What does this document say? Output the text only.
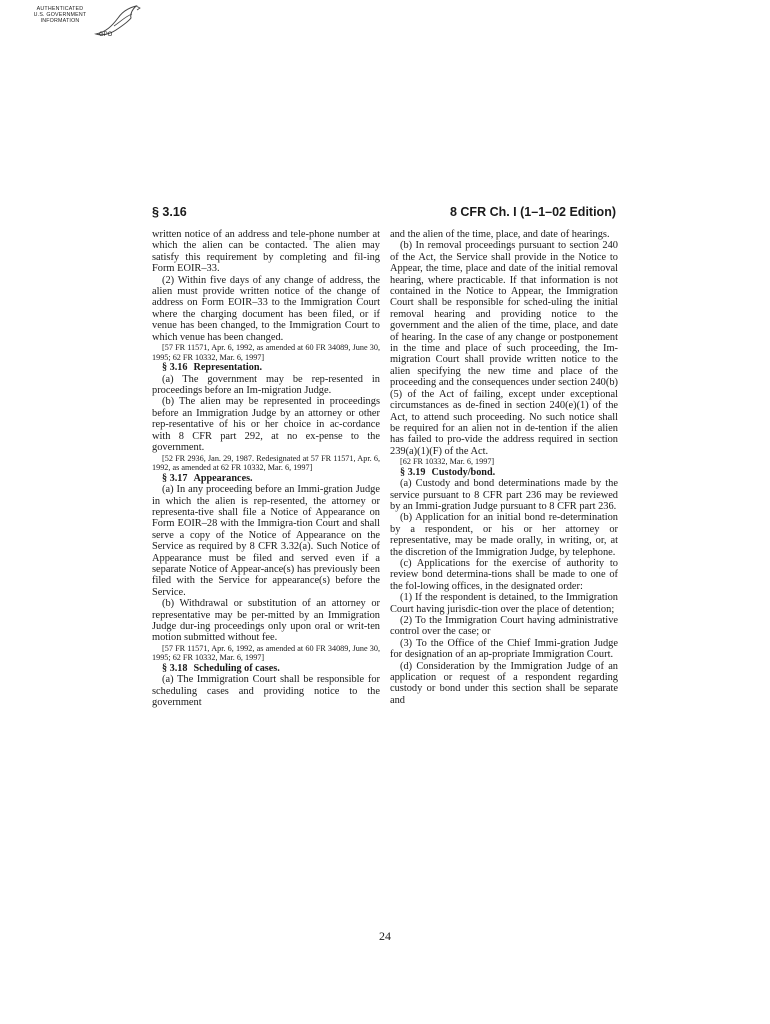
AUTHENTICATED
U.S. GOVERNMENT
INFORMATION
GPO
§ 3.16	8 CFR Ch. I (1–1–02 Edition)

written notice of an address and tele-phone number at which the alien can be contacted. The alien may satisfy this requirement by completing and fil-ing Form EOIR–33.

(2) Within five days of any change of address, the alien must provide written notice of the change of address on Form EOIR–33 to the Immigration Court where the charging document has been filed, or if venue has been changed, to the Immigration Court to which venue has been changed.

[57 FR 11571, Apr. 6, 1992, as amended at 60 FR 34089, June 30, 1995; 62 FR 10332, Mar. 6, 1997]

§ 3.16 Representation.

(a) The government may be rep-resented in proceedings before an Im-migration Judge.

(b) The alien may be represented in proceedings before an Immigration Judge by an attorney or other rep-resentative of his or her choice in ac-cordance with 8 CFR part 292, at no ex-pense to the government.

[52 FR 2936, Jan. 29, 1987. Redesignated at 57 FR 11571, Apr. 6, 1992, as amended at 62 FR 10332, Mar. 6, 1997]

§ 3.17 Appearances.

(a) In any proceeding before an Immi-gration Judge in which the alien is rep-resented, the attorney or representa-tive shall file a Notice of Appearance on Form EOIR–28 with the Immigra-tion Court and shall serve a copy of the Notice of Appearance on the Service as required by 8 CFR 3.32(a). Such Notice of Appearance must be filed and served even if a separate Notice of Appear-ance(s) has previously been filed with the Service for appearance(s) before the Service.

(b) Withdrawal or substitution of an attorney or representative may be per-mitted by an Immigration Judge dur-ing proceedings only upon oral or writ-ten motion submitted without fee.

[57 FR 11571, Apr. 6, 1992, as amended at 60 FR 34089, June 30, 1995; 62 FR 10332, Mar. 6, 1997]

§ 3.18 Scheduling of cases.

(a) The Immigration Court shall be responsible for scheduling cases and providing notice to the government

and the alien of the time, place, and date of hearings.

(b) In removal proceedings pursuant to section 240 of the Act, the Service shall provide in the Notice to Appear, the time, place and date of the initial removal hearing, where practicable. If that information is not contained in the Notice to Appear, the Immigration Court shall be responsible for sched-uling the initial removal hearing and providing notice to the government and the alien of the time, place, and date of hearing. In the case of any change or postponement in the time and place of such proceeding, the Im-migration Court shall provide written notice to the alien specifying the new time and place of the proceeding and the consequences under section 240(b)(5) of the Act of failing, except under exceptional circumstances as de-fined in section 240(e)(1) of the Act, to attend such proceeding. No such notice shall be required for an alien not in de-tention if the alien has failed to pro-vide the address required in section 239(a)(1)(F) of the Act.

[62 FR 10332, Mar. 6, 1997]

§ 3.19 Custody/bond.

(a) Custody and bond determinations made by the service pursuant to 8 CFR part 236 may be reviewed by an Immi-gration Judge pursuant to 8 CFR part 236.

(b) Application for an initial bond re-determination by a respondent, or his or her attorney or representative, may be made orally, in writing, or, at the discretion of the Immigration Judge, by telephone.

(c) Applications for the exercise of authority to review bond determina-tions shall be made to one of the fol-lowing offices, in the designated order:

(1) If the respondent is detained, to the Immigration Court having jurisdic-tion over the place of detention;

(2) To the Immigration Court having administrative control over the case; or

(3) To the Office of the Chief Immi-gration Judge for designation of an ap-propriate Immigration Court.

(d) Consideration by the Immigration Judge of an application or request of a respondent regarding custody or bond under this section shall be separate and

24
